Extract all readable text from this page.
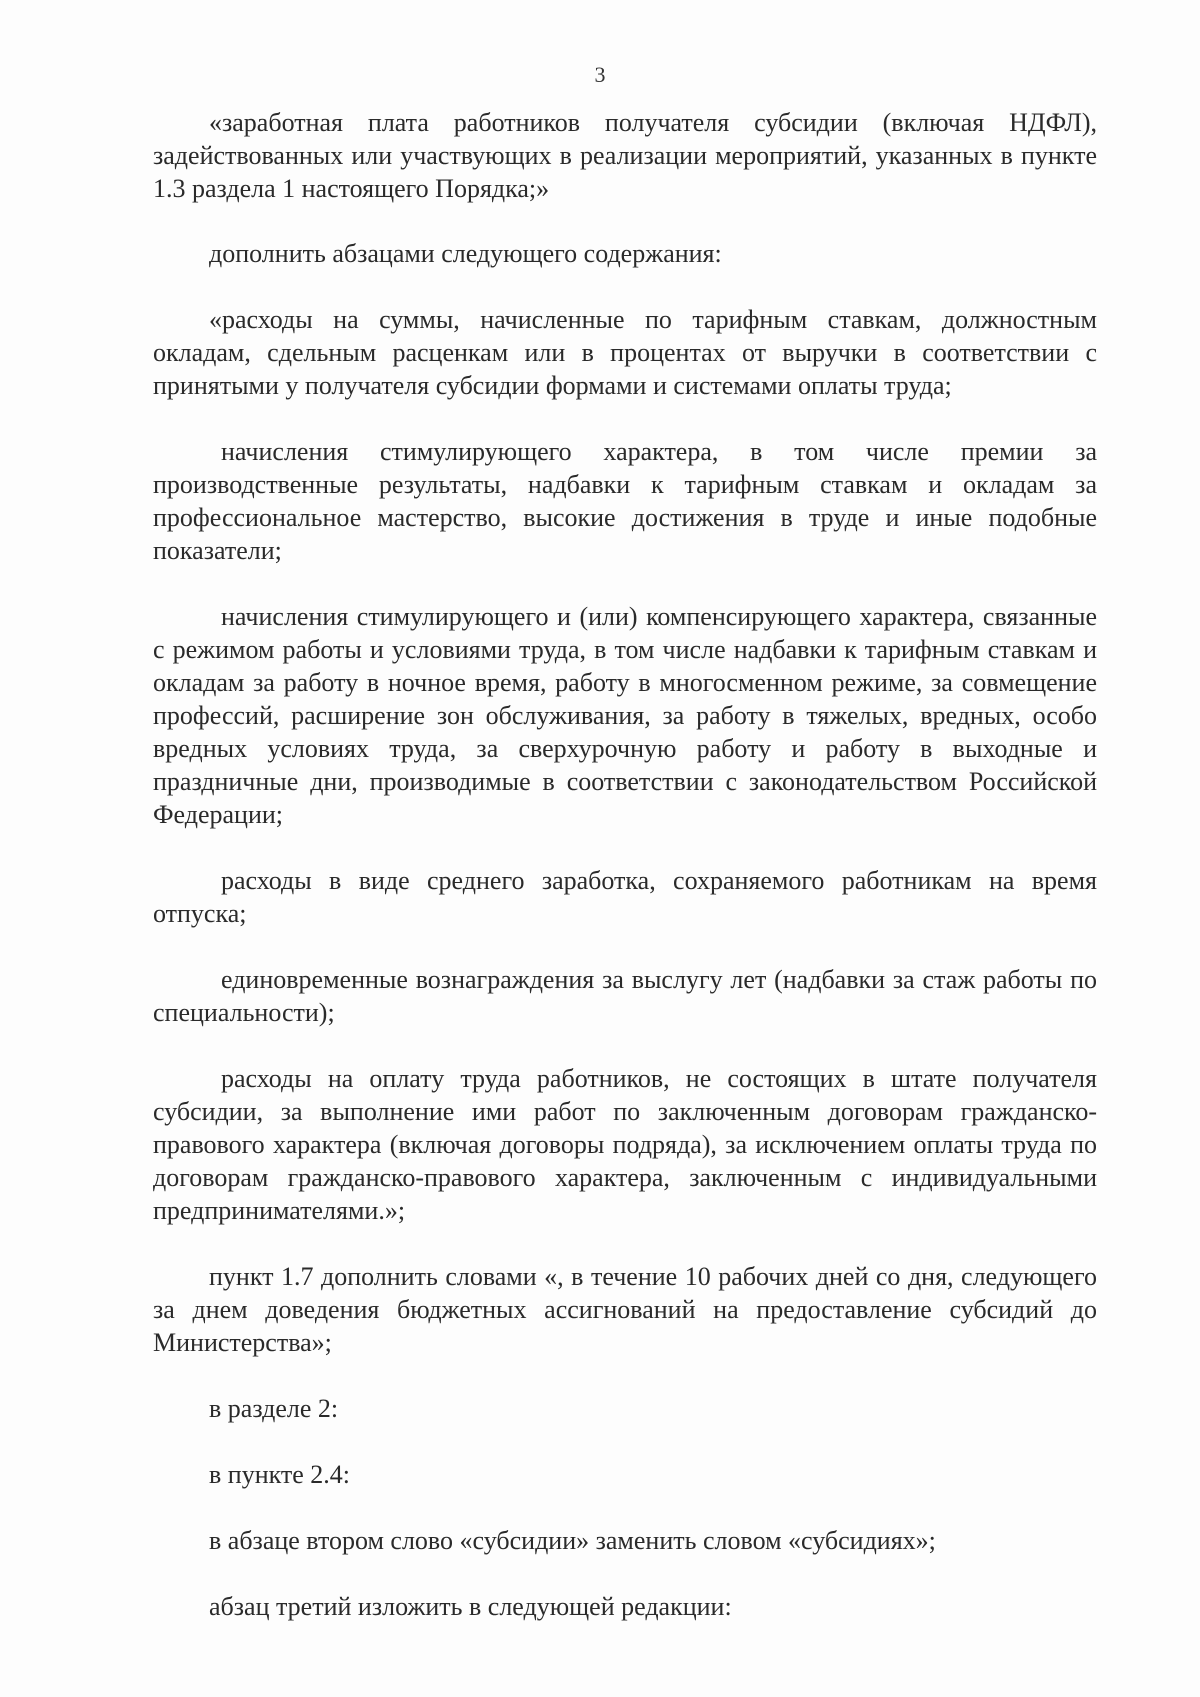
3

«заработная плата работников получателя субсидии (включая НДФЛ), задействованных или участвующих в реализации мероприятий, указанных в пункте 1.3 раздела 1 настоящего Порядка;»

дополнить абзацами следующего содержания:

«расходы на суммы, начисленные по тарифным ставкам, должностным окладам, сдельным расценкам или в процентах от выручки в соответствии с принятыми у получателя субсидии формами и системами оплаты труда;

начисления стимулирующего характера, в том числе премии за производственные результаты, надбавки к тарифным ставкам и окладам за профессиональное мастерство, высокие достижения в труде и иные подобные показатели;

начисления стимулирующего и (или) компенсирующего характера, связанные с режимом работы и условиями труда, в том числе надбавки к тарифным ставкам и окладам за работу в ночное время, работу в многосменном режиме, за совмещение профессий, расширение зон обслуживания, за работу в тяжелых, вредных, особо вредных условиях труда, за сверхурочную работу и работу в выходные и праздничные дни, производимые в соответствии с законодательством Российской Федерации;

расходы в виде среднего заработка, сохраняемого работникам на время отпуска;

единовременные вознаграждения за выслугу лет (надбавки за стаж работы по специальности);

расходы на оплату труда работников, не состоящих в штате получателя субсидии, за выполнение ими работ по заключенным договорам гражданско-правового характера (включая договоры подряда), за исключением оплаты труда по договорам гражданско-правового характера, заключенным с индивидуальными предпринимателями.»;

пункт 1.7 дополнить словами «, в течение 10 рабочих дней со дня, следующего за днем доведения бюджетных ассигнований на предоставление субсидий до Министерства»;

в разделе 2:

в пункте 2.4:

в абзаце втором слово «субсидии» заменить словом «субсидиях»;

абзац третий изложить в следующей редакции:
